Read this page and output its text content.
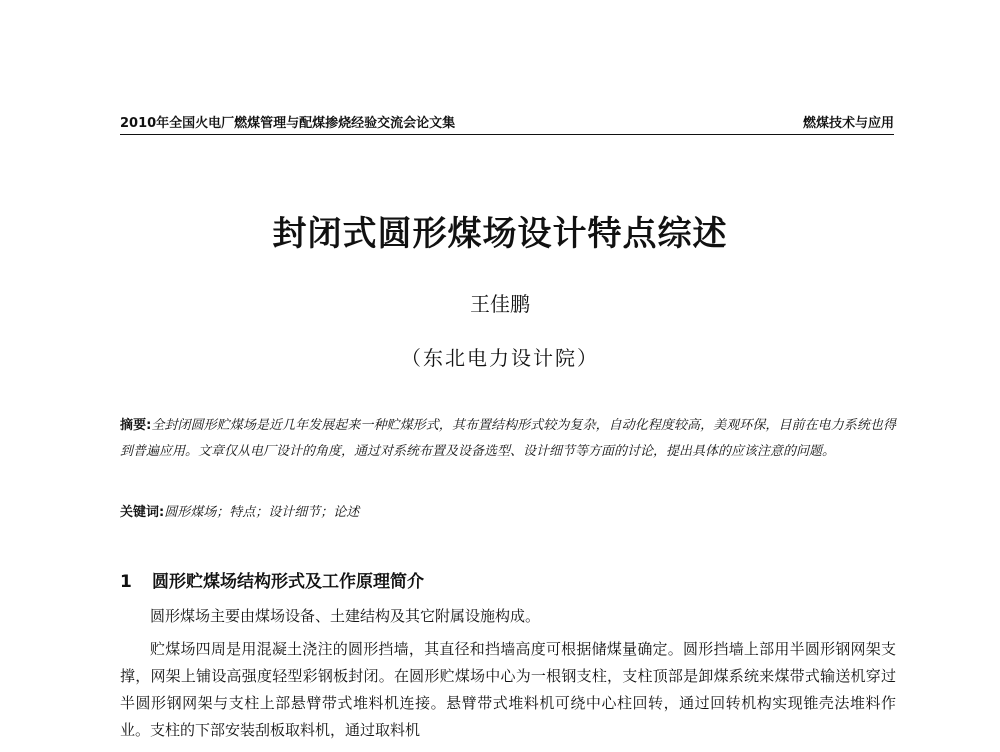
2010年全国火电厂燃煤管理与配煤掺烧经验交流会论文集	燃煤技术与应用
封闭式圆形煤场设计特点综述
王佳鹏
（东北电力设计院）
摘要:全封闭圆形贮煤场是近几年发展起来一种贮煤形式，其布置结构形式较为复杂，自动化程度较高，美观环保，目前在电力系统也得到普遍应用。文章仅从电厂设计的角度，通过对系统布置及设备选型、设计细节等方面的讨论，提出具体的应该注意的问题。
关键词:圆形煤场；特点；设计细节；论述
1 圆形贮煤场结构形式及工作原理简介

圆形煤场主要由煤场设备、土建结构及其它附属设施构成。

贮煤场四周是用混凝土浇注的圆形挡墙，其直径和挡墙高度可根据储煤量确定。圆形挡墙上部用半圆形钢网架支撑，网架上铺设高强度轻型彩钢板封闭。在圆形贮煤场中心为一根钢支柱，支柱顶部是卸煤系统来煤带式输送机穿过半圆形钢网架与支柱上部悬臂带式堆料机连接。悬臂带式堆料机可绕中心柱回转，通过回转机构实现锥壳法堆料作业。支柱的下部安装刮板取料机，通过取料机
